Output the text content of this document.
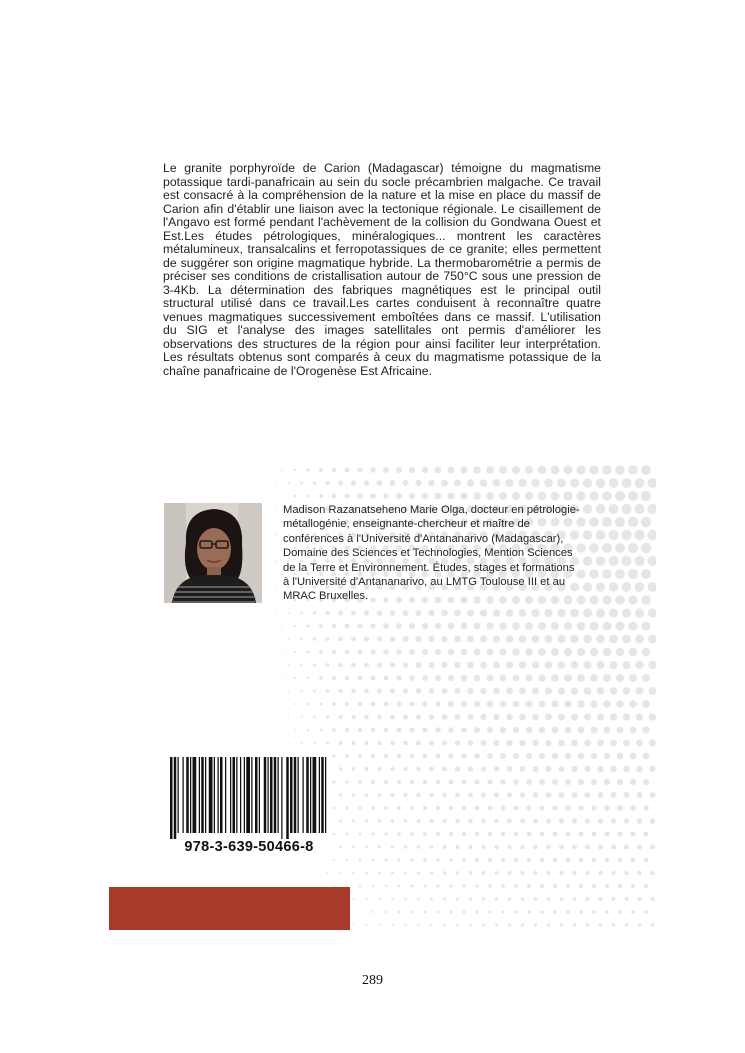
Le granite porphyroïde de Carion (Madagascar) témoigne du magmatisme potassique tardi-panafricain au sein du socle précambrien malgache. Ce travail est consacré à la compréhension de la nature et la mise en place du massif de Carion afin d'établir une liaison avec la tectonique régionale. Le cisaillement de l'Angavo est formé pendant l'achèvement de la collision du Gondwana Ouest et Est.Les études pétrologiques, minéralogiques... montrent les caractères métalumineux, transalcalins et ferropotassiques de ce granite; elles permettent de suggérer son origine magmatique hybride. La thermobarométrie a permis de préciser ses conditions de cristallisation autour de 750°C sous une pression de 3-4Kb. La détermination des fabriques magnétiques est le principal outil structural utilisé dans ce travail.Les cartes conduisent à reconnaître quatre venues magmatiques successivement emboîtées dans ce massif. L'utilisation du SIG et l'analyse des images satellitales ont permis d'améliorer les observations des structures de la région pour ainsi faciliter leur interprétation. Les résultats obtenus sont comparés à ceux du magmatisme potassique de la chaîne panafricaine de l'Orogenèse Est Africaine.

Madison Razanatseheno Marie Olga, docteur en pétrologie-métallogénie, enseignante-chercheur et maître de conférences à l'Université d'Antananarivo (Madagascar), Domaine des Sciences et Technologies, Mention Sciences de la Terre et Environnement. Études, stages et formations à l'Université d'Antananarivo, au LMTG Toulouse III et au MRAC Bruxelles.

978-3-639-50466-8
289
